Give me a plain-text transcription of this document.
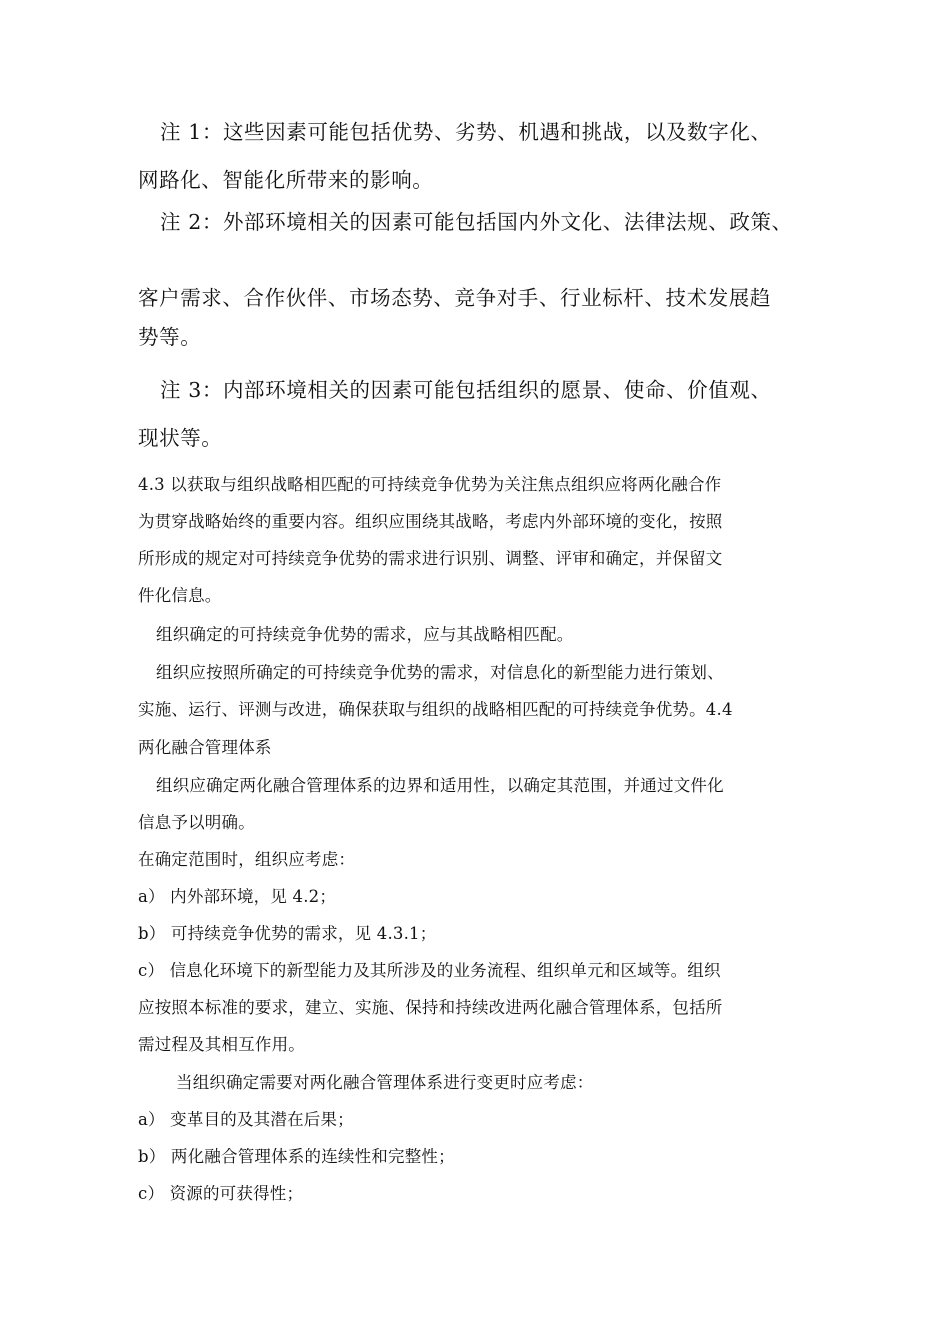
注 1：这些因素可能包括优势、劣势、机遇和挑战，以及数字化、

网路化、智能化所带来的影响。

注 2：外部环境相关的因素可能包括国内外文化、法律法规、政策、

客户需求、合作伙伴、市场态势、竞争对手、行业标杆、技术发展趋

势等。

注 3：内部环境相关的因素可能包括组织的愿景、使命、价值观、

现状等。

4.3 以获取与组织战略相匹配的可持续竞争优势为关注焦点组织应将两化融合作

为贯穿战略始终的重要内容。组织应围绕其战略，考虑内外部环境的变化，按照

所形成的规定对可持续竞争优势的需求进行识别、调整、评审和确定，并保留文

件化信息。

组织确定的可持续竞争优势的需求，应与其战略相匹配。

组织应按照所确定的可持续竞争优势的需求，对信息化的新型能力进行策划、

实施、运行、评测与改进，确保获取与组织的战略相匹配的可持续竞争优势。4.4

两化融合管理体系

组织应确定两化融合管理体系的边界和适用性，以确定其范围，并通过文件化

信息予以明确。

在确定范围时，组织应考虑：

a） 内外部环境，见 4.2；

b） 可持续竞争优势的需求，见 4.3.1；

c） 信息化环境下的新型能力及其所涉及的业务流程、组织单元和区域等。组织

应按照本标准的要求，建立、实施、保持和持续改进两化融合管理体系，包括所

需过程及其相互作用。

当组织确定需要对两化融合管理体系进行变更时应考虑：

a） 变革目的及其潜在后果；

b） 两化融合管理体系的连续性和完整性；

c） 资源的可获得性；
